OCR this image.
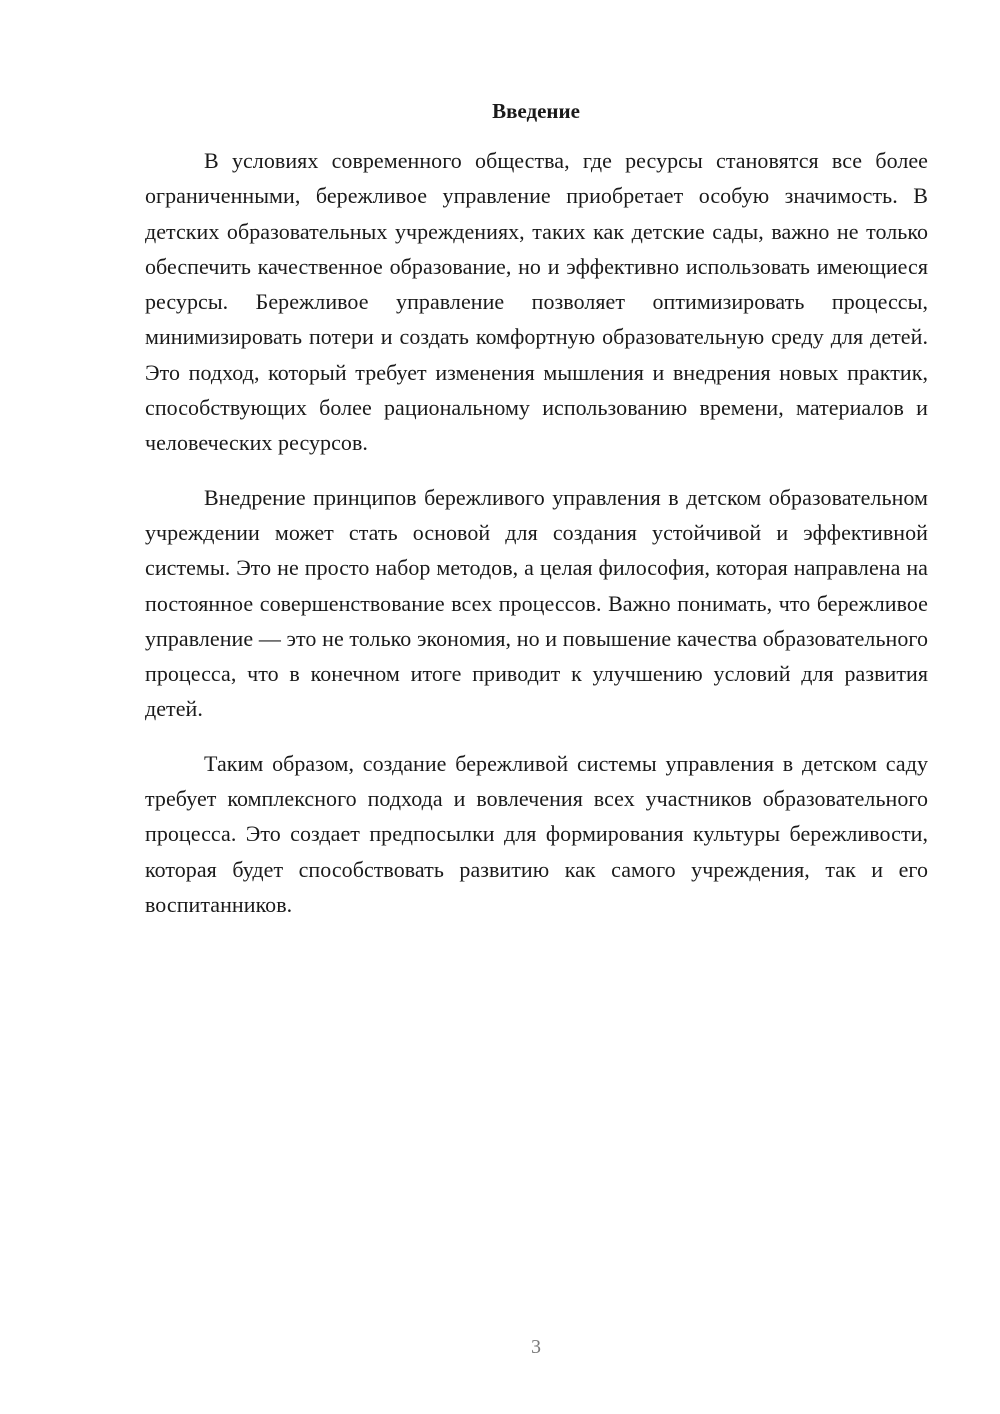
Введение

В условиях современного общества, где ресурсы становятся все более ограниченными, бережливое управление приобретает особую значимость. В детских образовательных учреждениях, таких как детские сады, важно не только обеспечить качественное образование, но и эффективно использовать имеющиеся ресурсы. Бережливое управление позволяет оптимизировать процессы, минимизировать потери и создать комфортную образовательную среду для детей. Это подход, который требует изменения мышления и внедрения новых практик, способствующих более рациональному использованию времени, материалов и человеческих ресурсов.

Внедрение принципов бережливого управления в детском образовательном учреждении может стать основой для создания устойчивой и эффективной системы. Это не просто набор методов, а целая философия, которая направлена на постоянное совершенствование всех процессов. Важно понимать, что бережливое управление — это не только экономия, но и повышение качества образовательного процесса, что в конечном итоге приводит к улучшению условий для развития детей.

Таким образом, создание бережливой системы управления в детском саду требует комплексного подхода и вовлечения всех участников образовательного процесса. Это создает предпосылки для формирования культуры бережливости, которая будет способствовать развитию как самого учреждения, так и его воспитанников.

3
